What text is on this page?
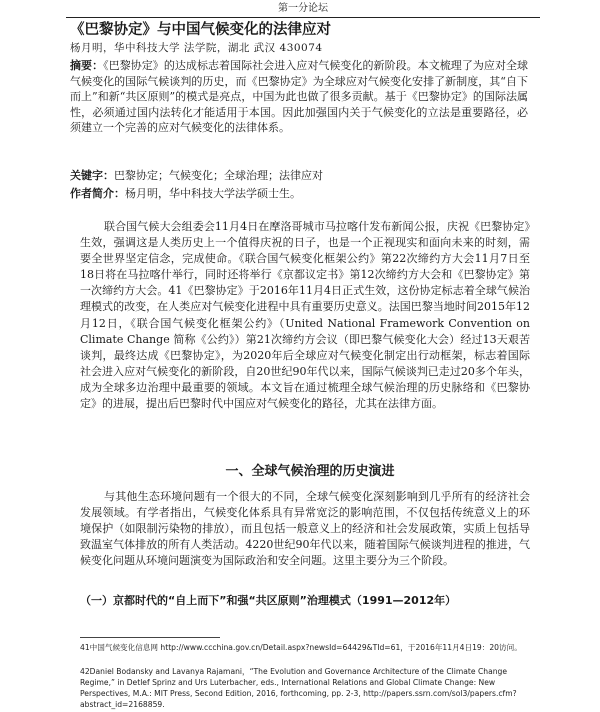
第一分论坛
《巴黎协定》与中国气候变化的法律应对
杨月明，华中科技大学 法学院，湖北 武汉 430074
摘要：《巴黎协定》的达成标志着国际社会进入应对气候变化的新阶段。本文梳理了为应对全球气候变化的国际气候谈判的历史，而《巴黎协定》为全球应对气候变化安排了新制度，其“自下而上”和新“共区原则”的模式是亮点，中国为此也做了很多贡献。基于《巴黎协定》的国际法属性，必须通过国内法转化才能适用于本国。因此加强国内关于气候变化的立法是重要路径，必须建立一个完善的应对气候变化的法律体系。
关键字：巴黎协定；气候变化；全球治理；法律应对
作者简介：杨月明，华中科技大学法学硕士生。

联合国气候大会组委会11月4日在摩洛哥城市马拉喀什发布新闻公报，庆祝《巴黎协定》生效，强调这是人类历史上一个值得庆祝的日子，也是一个正视现实和面向未来的时刻，需要全世界坚定信念，完成使命。《联合国气候变化框架公约》第22次缔约方大会11月7日至18日将在马拉喀什举行，同时还将举行《京都议定书》第12次缔约方大会和《巴黎协定》第一次缔约方大会。41《巴黎协定》于2016年11月4日正式生效，这份协定标志着全球气候治理模式的改变，在人类应对气候变化进程中具有重要历史意义。法国巴黎当地时间2015年12月12日，《联合国气候变化框架公约》（United National Framework Convention on Climate Change 简称《公约》）第21次缔约方会议（即巴黎气候变化大会）经过13天艰苦谈判，最终达成《巴黎协定》，为2020年后全球应对气候变化制定出行动框架，标志着国际社会进入应对气候变化的新阶段，自20世纪90年代以来，国际气候谈判已走过20多个年头，成为全球多边治理中最重要的领域。本文旨在通过梳理全球气候治理的历史脉络和《巴黎协定》的进展，提出后巴黎时代中国应对气候变化的路径，尤其在法律方面。

一、全球气候治理的历史演进

与其他生态环境问题有一个很大的不同，全球气候变化深刻影响到几乎所有的经济社会发展领域。有学者指出，气候变化体系具有异常宽泛的影响范围，不仅包括传统意义上的环境保护（如限制污染物的排放），而且包括一般意义上的经济和社会发展政策，实质上包括导致温室气体排放的所有人类活动。4220世纪90年代以来，随着国际气候谈判进程的推进，气候变化问题从环境问题演变为国际政治和安全问题。这里主要分为三个阶段。

（一）京都时代的“自上而下”和强“共区原则”治理模式（1991—2012年）
41中国气候变化信息网 http://www.ccchina.gov.cn/Detail.aspx?newsId=64429&TId=61，于2016年11月4日19：20访问。
42Daniel Bodansky and Lavanya Rajamani，“The Evolution and Governance Architecture of the Climate Change Regime,” in Detlef Sprinz and Urs Luterbacher, eds., International Relations and Global Climate Change: New Perspectives, M.A.: MIT Press, Second Edition, 2016, forthcoming, pp. 2-3, http://papers.ssrn.com/sol3/papers.cfm?abstract_id=2168859.
